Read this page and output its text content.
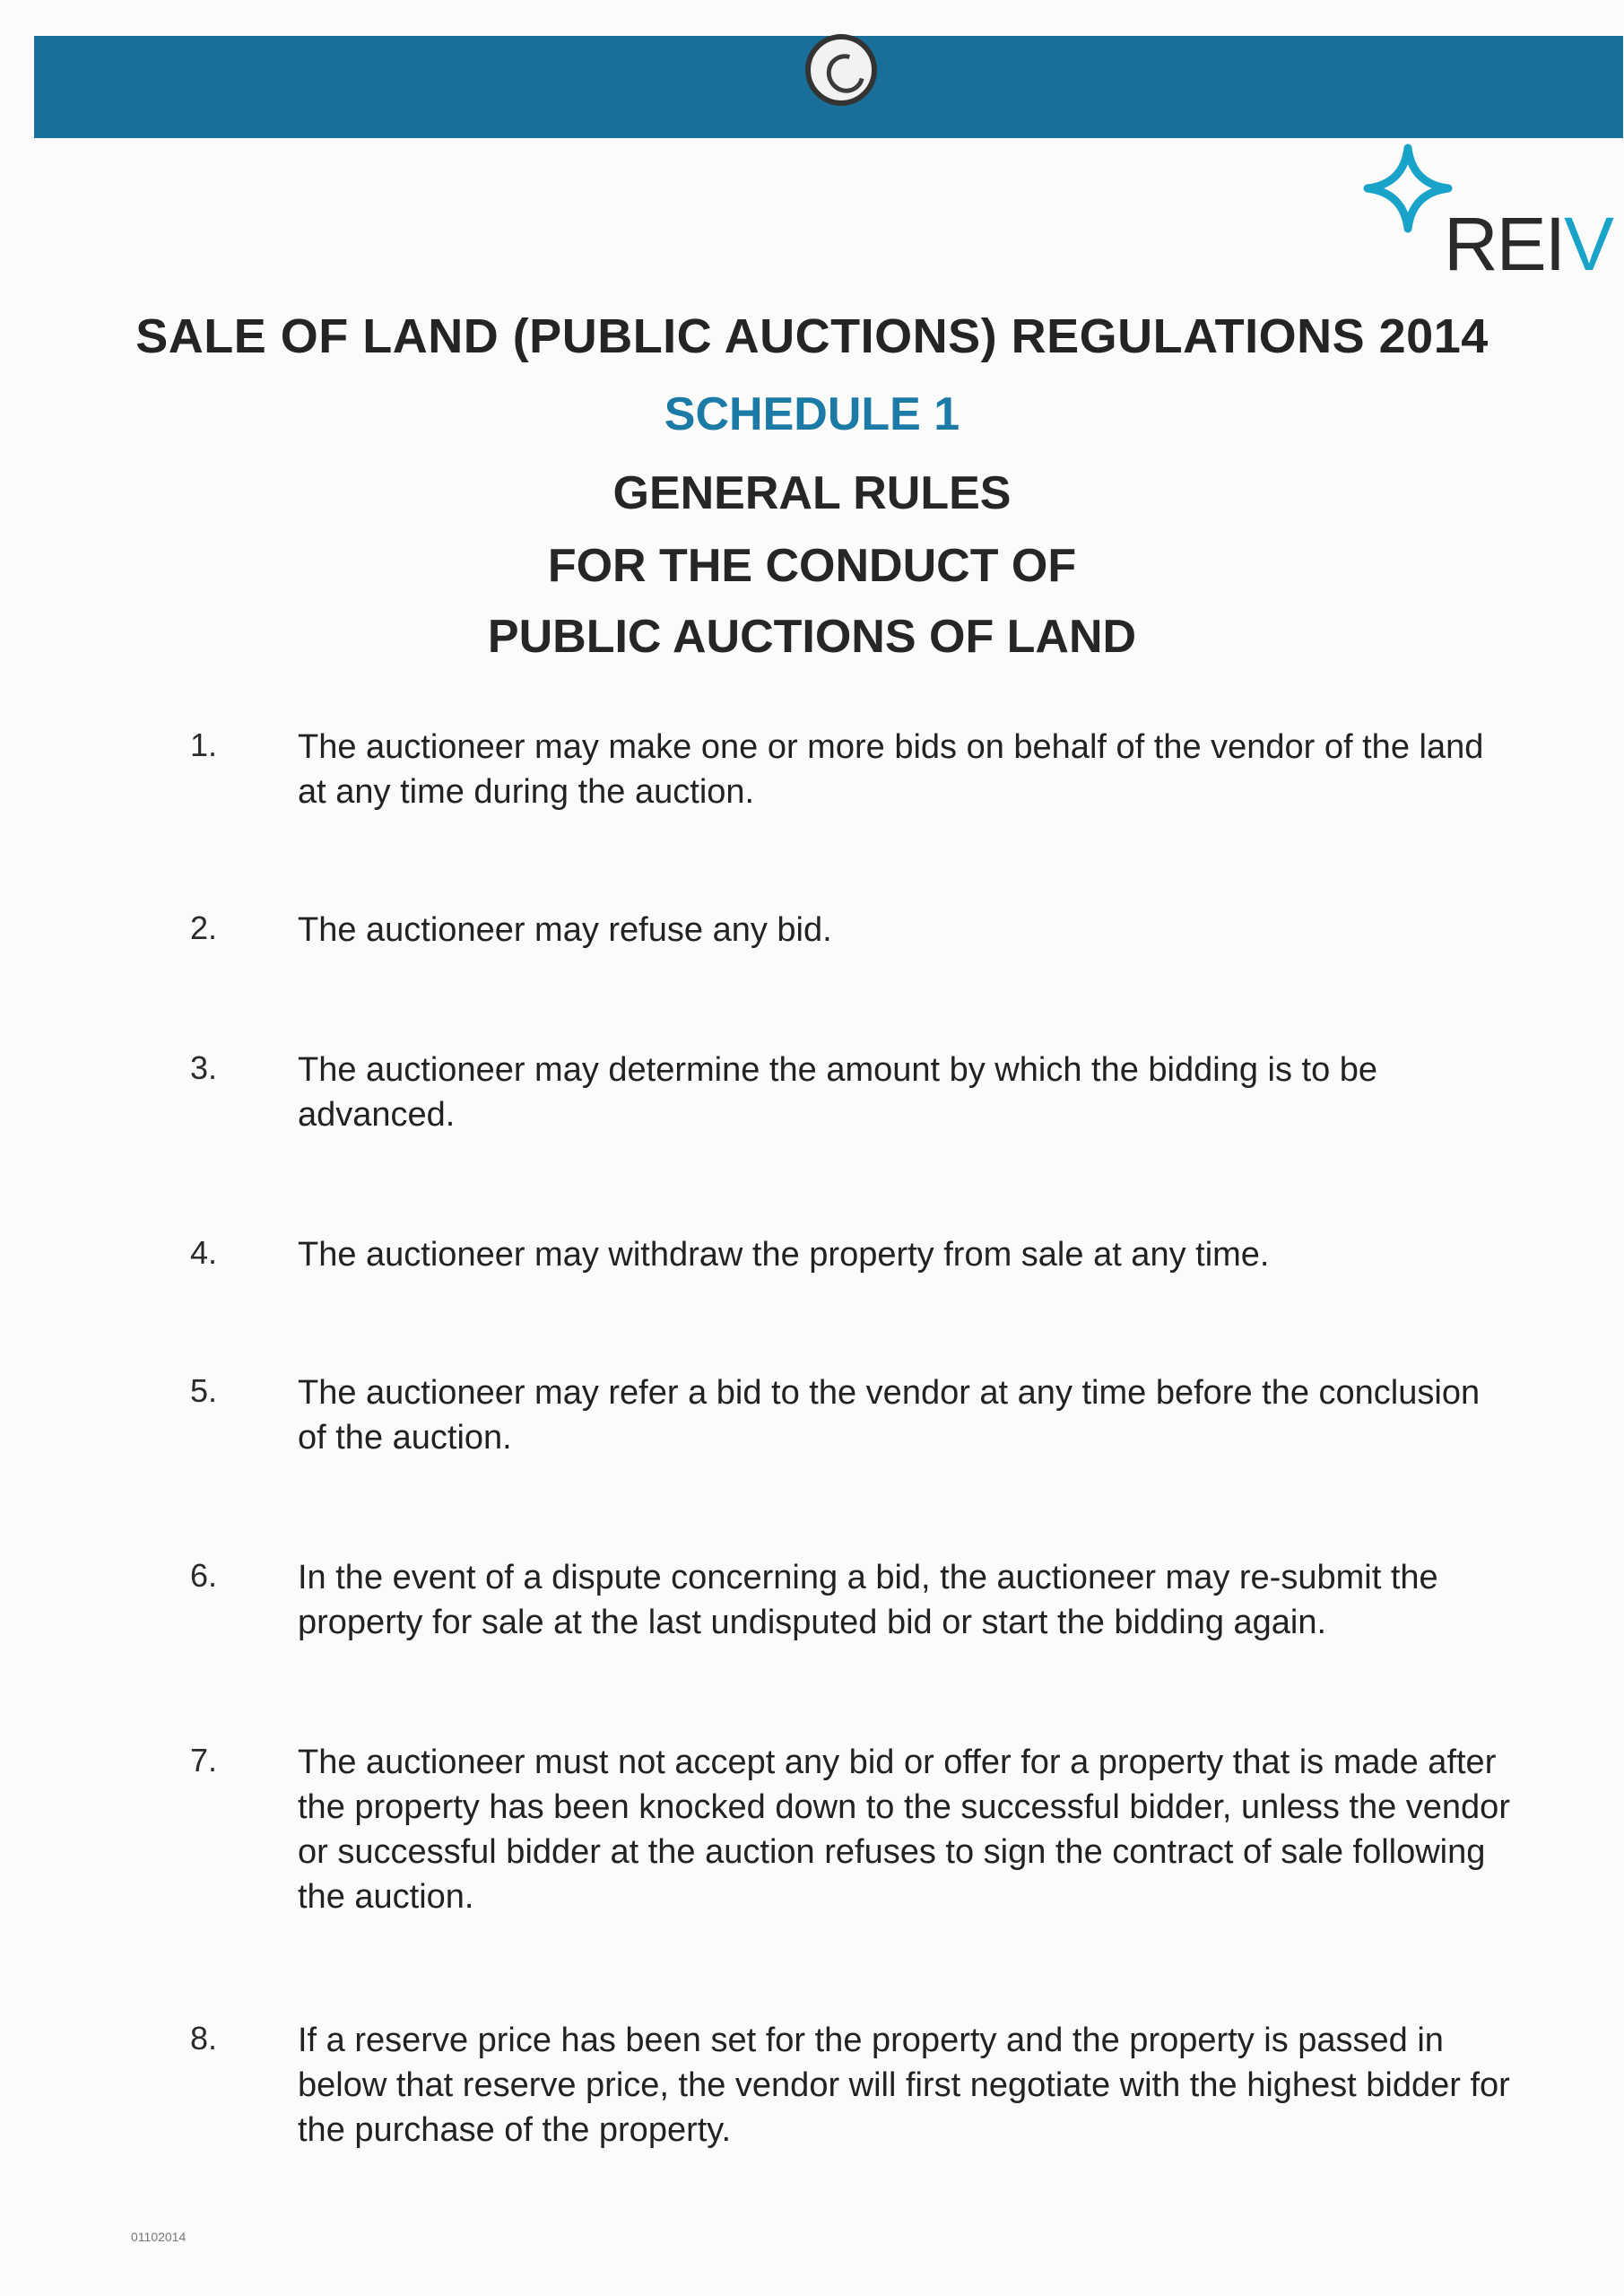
REIV
SALE OF LAND (PUBLIC AUCTIONS) REGULATIONS 2014
SCHEDULE 1
GENERAL RULES
FOR THE CONDUCT OF
PUBLIC AUCTIONS OF LAND
1. The auctioneer may make one or more bids on behalf of the vendor of the land at any time during the auction.
2. The auctioneer may refuse any bid.
3. The auctioneer may determine the amount by which the bidding is to be advanced.
4. The auctioneer may withdraw the property from sale at any time.
5. The auctioneer may refer a bid to the vendor at any time before the conclusion of the auction.
6. In the event of a dispute concerning a bid, the auctioneer may re-submit the property for sale at the last undisputed bid or start the bidding again.
7. The auctioneer must not accept any bid or offer for a property that is made after the property has been knocked down to the successful bidder, unless the vendor or successful bidder at the auction refuses to sign the contract of sale following the auction.
8. If a reserve price has been set for the property and the property is passed in below that reserve price, the vendor will first negotiate with the highest bidder for the purchase of the property.
01102014
